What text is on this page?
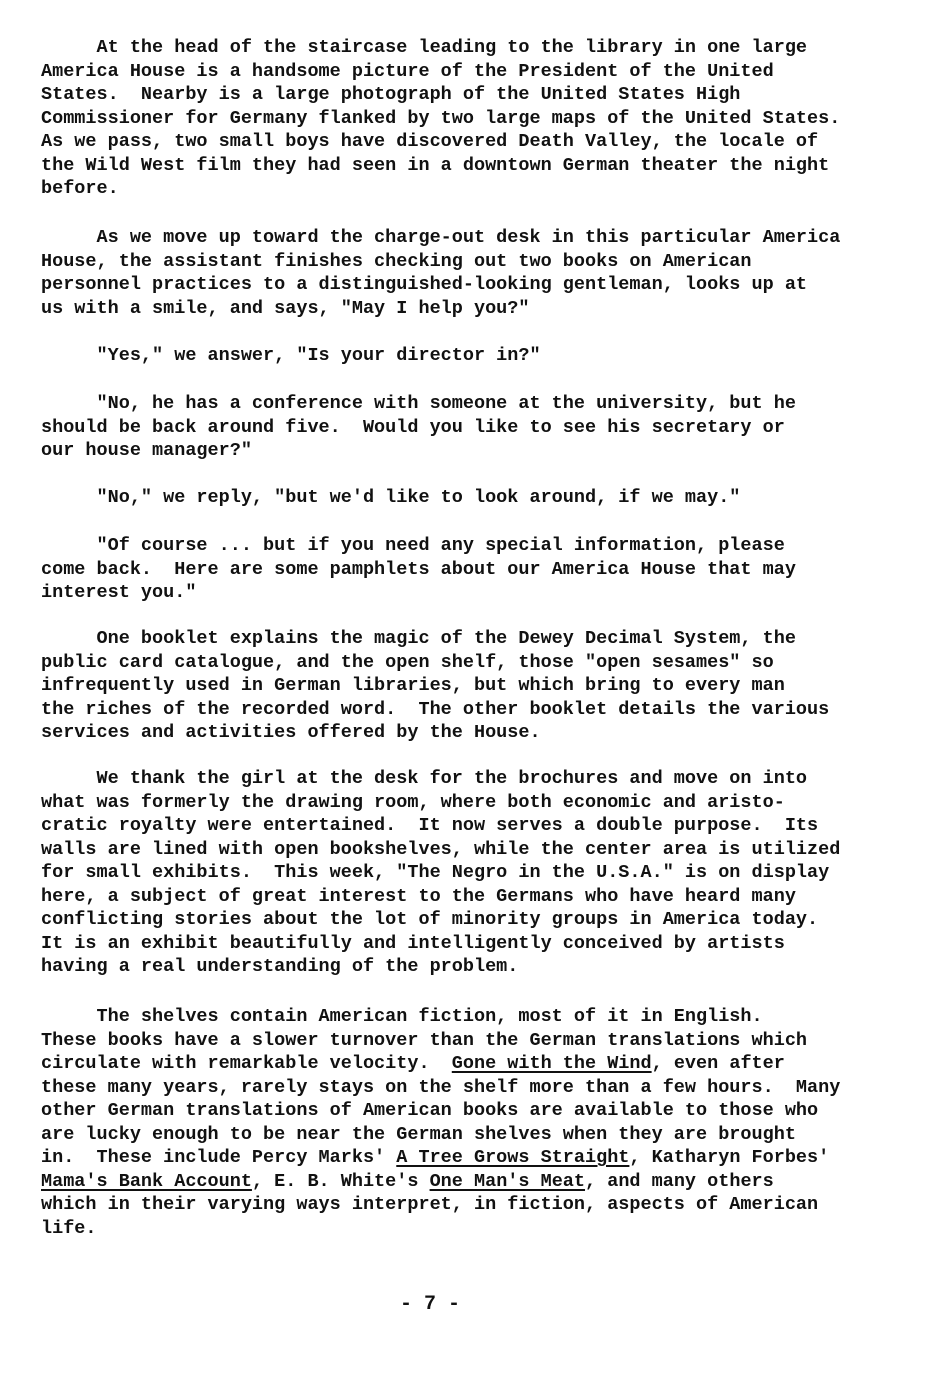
At the head of the staircase leading to the library in one large
America House is a handsome picture of the President of the United
States.  Nearby is a large photograph of the United States High
Commissioner for Germany flanked by two large maps of the United States.
As we pass, two small boys have discovered Death Valley, the locale of
the Wild West film they had seen in a downtown German theater the night
before.
As we move up toward the charge-out desk in this particular America
House, the assistant finishes checking out two books on American
personnel practices to a distinguished-looking gentleman, looks up at
us with a smile, and says, "May I help you?"
"Yes," we answer, "Is your director in?"
"No, he has a conference with someone at the university, but he
should be back around five.  Would you like to see his secretary or
our house manager?"
"No," we reply, "but we'd like to look around, if we may."
"Of course ... but if you need any special information, please
come back.  Here are some pamphlets about our America House that may
interest you."
One booklet explains the magic of the Dewey Decimal System, the
public card catalogue, and the open shelf, those "open sesames" so
infrequently used in German libraries, but which bring to every man
the riches of the recorded word.  The other booklet details the various
services and activities offered by the House.
We thank the girl at the desk for the brochures and move on into
what was formerly the drawing room, where both economic and aristo-
cratic royalty were entertained.  It now serves a double purpose.  Its
walls are lined with open bookshelves, while the center area is utilized
for small exhibits.  This week, "The Negro in the U.S.A." is on display
here, a subject of great interest to the Germans who have heard many
conflicting stories about the lot of minority groups in America today.
It is an exhibit beautifully and intelligently conceived by artists
having a real understanding of the problem.
The shelves contain American fiction, most of it in English.
These books have a slower turnover than the German translations which
circulate with remarkable velocity.  Gone with the Wind, even after
these many years, rarely stays on the shelf more than a few hours.  Many
other German translations of American books are available to those who
are lucky enough to be near the German shelves when they are brought
in.  These include Percy Marks' A Tree Grows Straight, Katharyn Forbes'
Mama's Bank Account, E. B. White's One Man's Meat, and many others
which in their varying ways interpret, in fiction, aspects of American
life.
- 7 -
